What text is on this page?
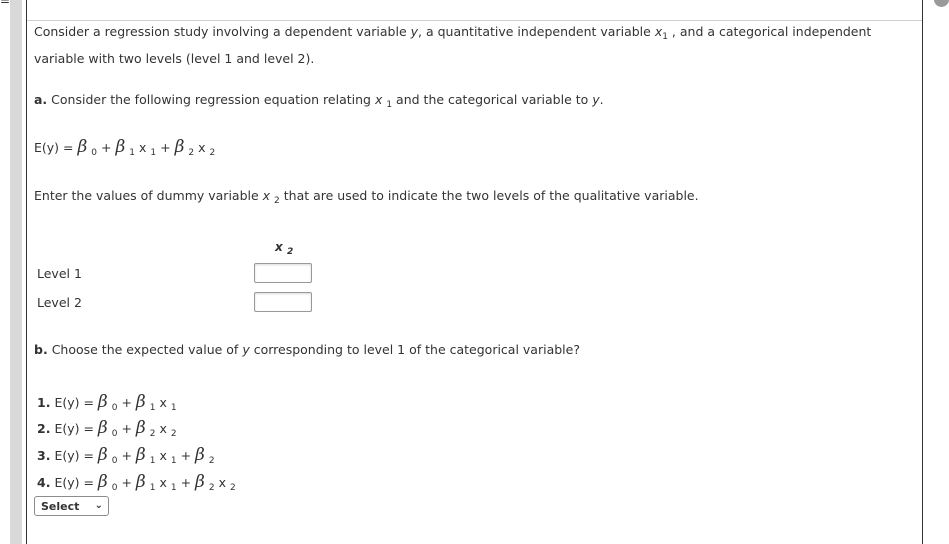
=
Consider a regression study involving a dependent variable y, a quantitative independent variable $x_1$ , and a categorical independent variable with two levels (level 1 and level 2).
a. Consider the following regression equation relating x $_1$ and the categorical variable to y.
E(y) = β $_0$ + β $_1$ x $_1$ + β $_2$ x $_2$
Enter the values of dummy variable x $_2$ that are used to indicate the two levels of the qualitative variable.
x $_2$
Level 1
Level 2
b. Choose the expected value of y corresponding to level 1 of the categorical variable?
1. E(y) = β $_0$ + β $_1$ x $_1$
2. E(y) = β $_0$ + β $_2$ x $_2$
3. E(y) = β $_0$ + β $_1$ x $_1$ + β $_2$
4. E(y) = β $_0$ + β $_1$ x $_1$ + β $_2$ x $_2$
Select ⌄
